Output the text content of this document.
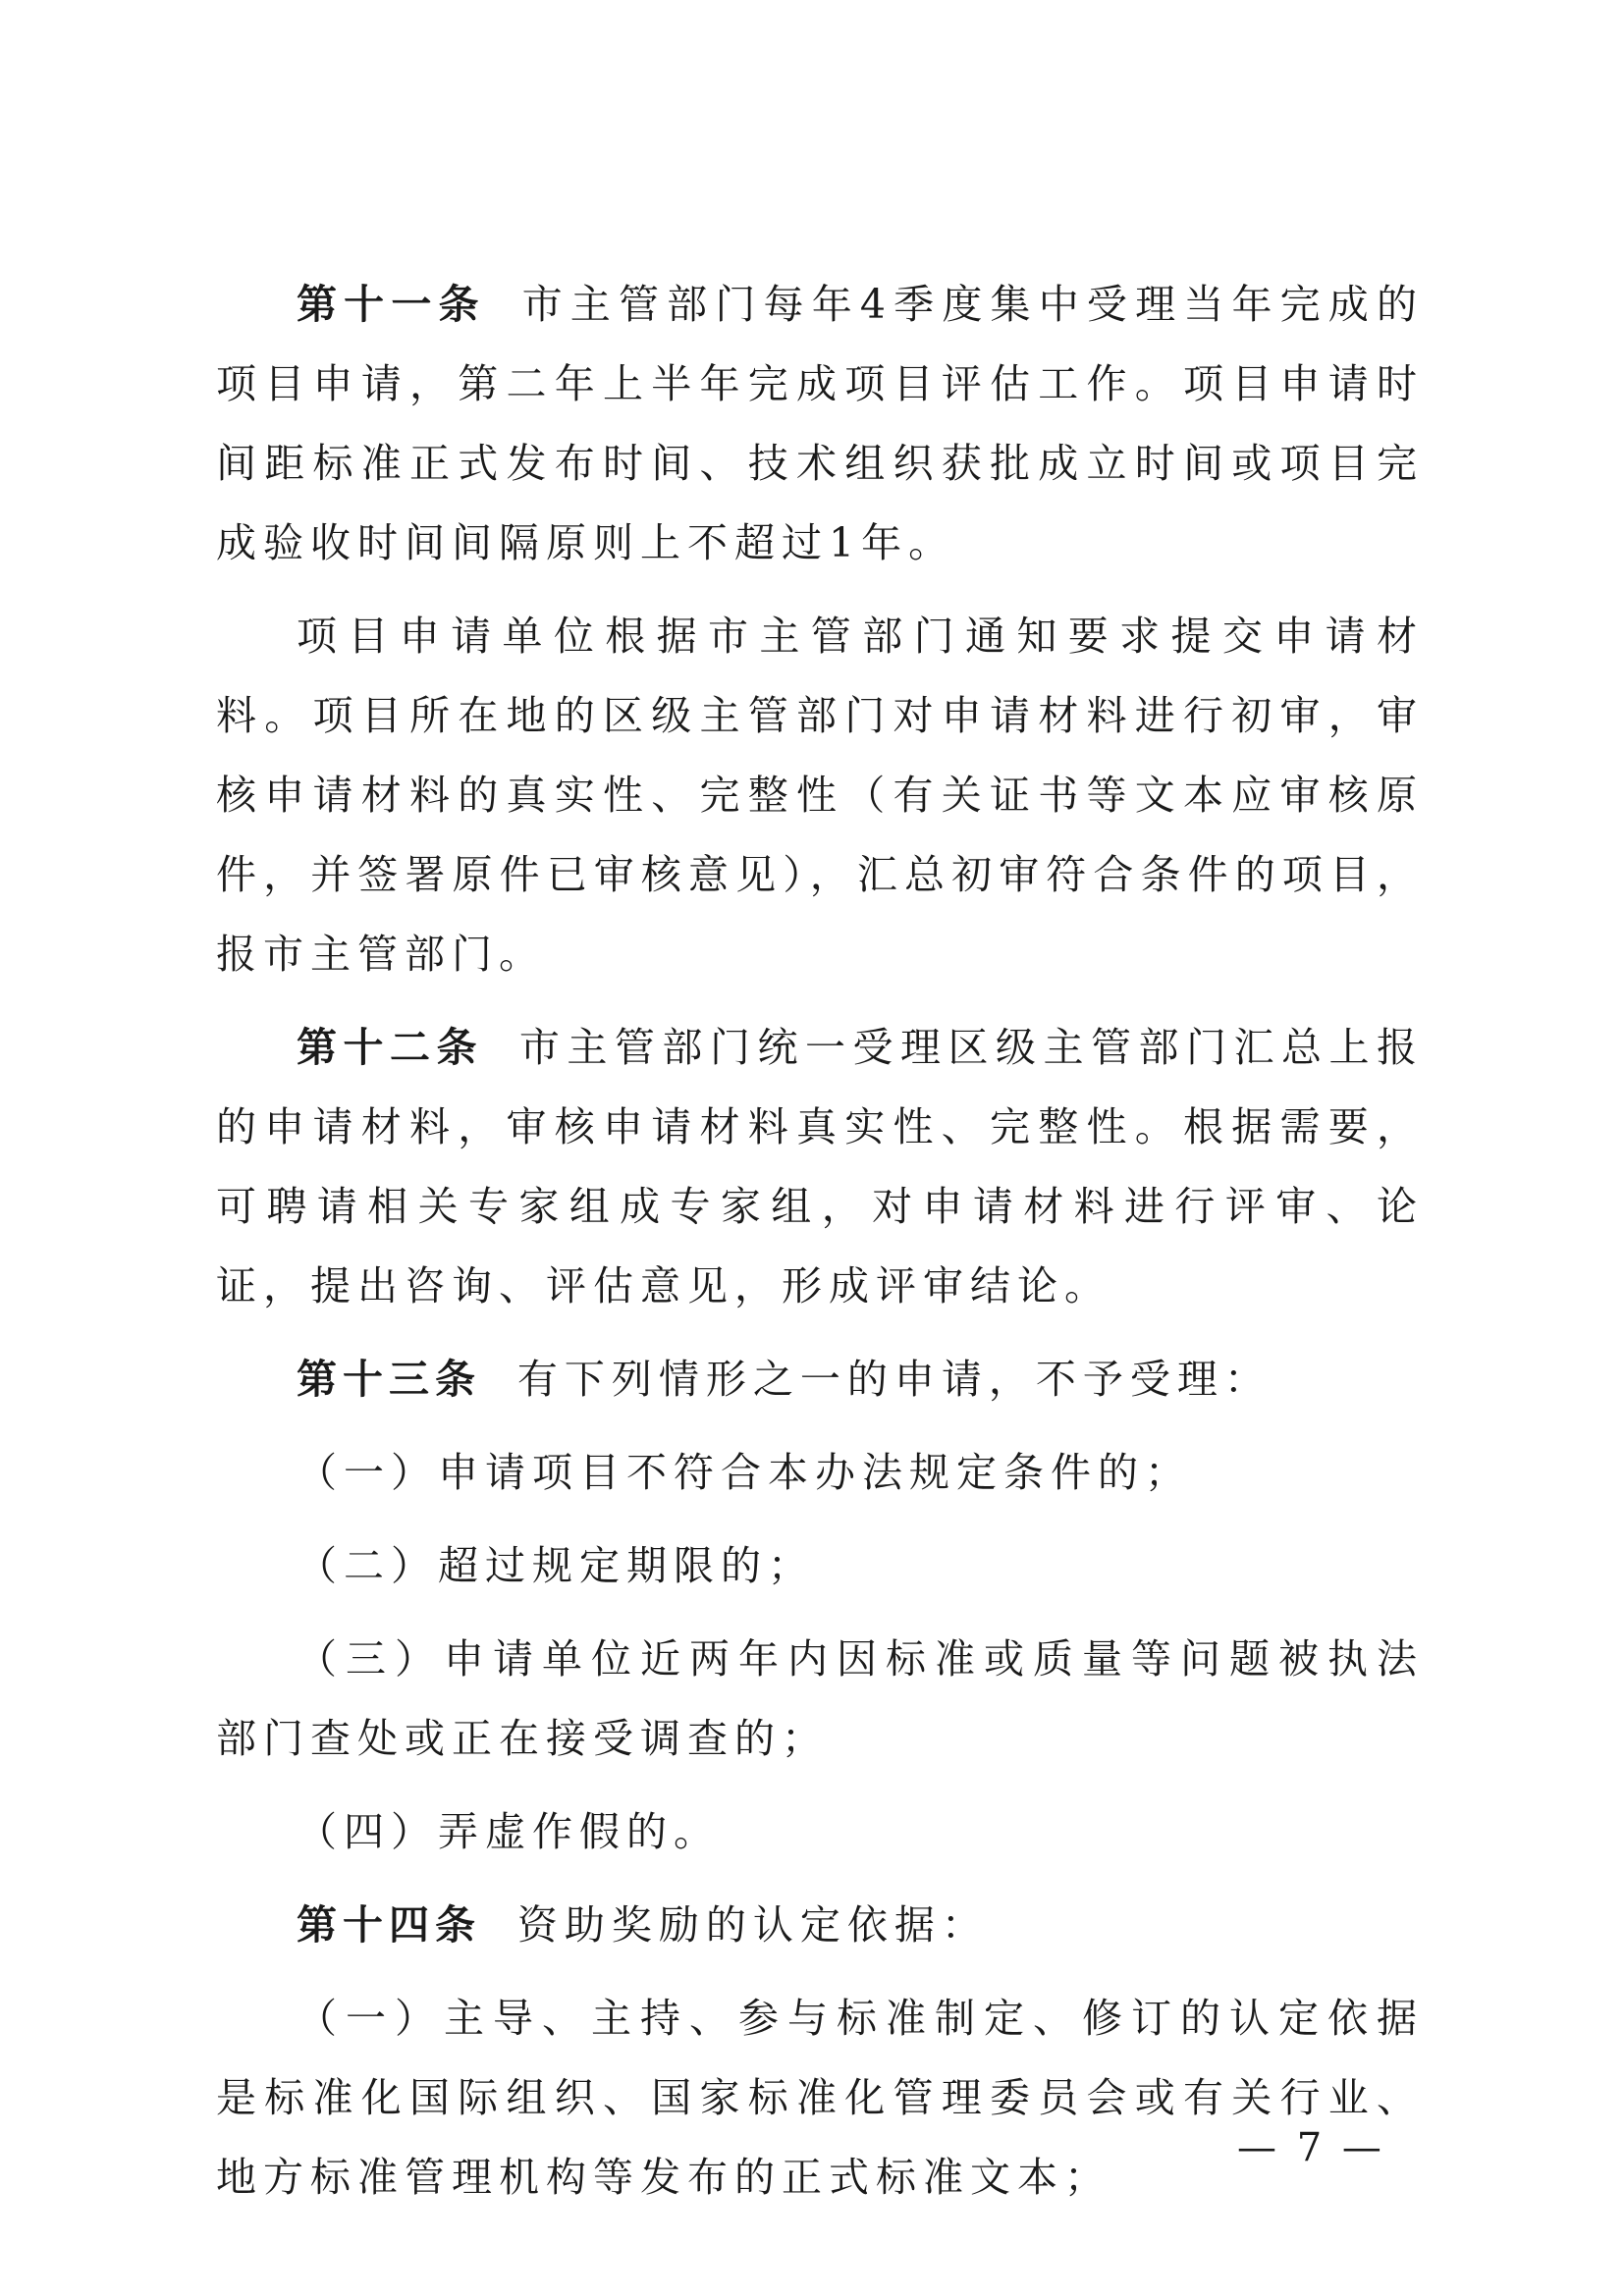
第十一条 市主管部门每年4季度集中受理当年完成的项目申请，第二年上半年完成项目评估工作。项目申请时间距标准正式发布时间、技术组织获批成立时间或项目完成验收时间间隔原则上不超过1年。

项目申请单位根据市主管部门通知要求提交申请材料。项目所在地的区级主管部门对申请材料进行初审，审核申请材料的真实性、完整性（有关证书等文本应审核原件，并签署原件已审核意见），汇总初审符合条件的项目，报市主管部门。

第十二条 市主管部门统一受理区级主管部门汇总上报的申请材料，审核申请材料真实性、完整性。根据需要，可聘请相关专家组成专家组，对申请材料进行评审、论证，提出咨询、评估意见，形成评审结论。

第十三条 有下列情形之一的申请，不予受理：

（一）申请项目不符合本办法规定条件的；

（二）超过规定期限的；

（三）申请单位近两年内因标准或质量等问题被执法部门查处或正在接受调查的；

（四）弄虚作假的。

第十四条 资助奖励的认定依据：

（一）主导、主持、参与标准制定、修订的认定依据是标准化国际组织、国家标准化管理委员会或有关行业、地方标准管理机构等发布的正式标准文本；

— 7 —
